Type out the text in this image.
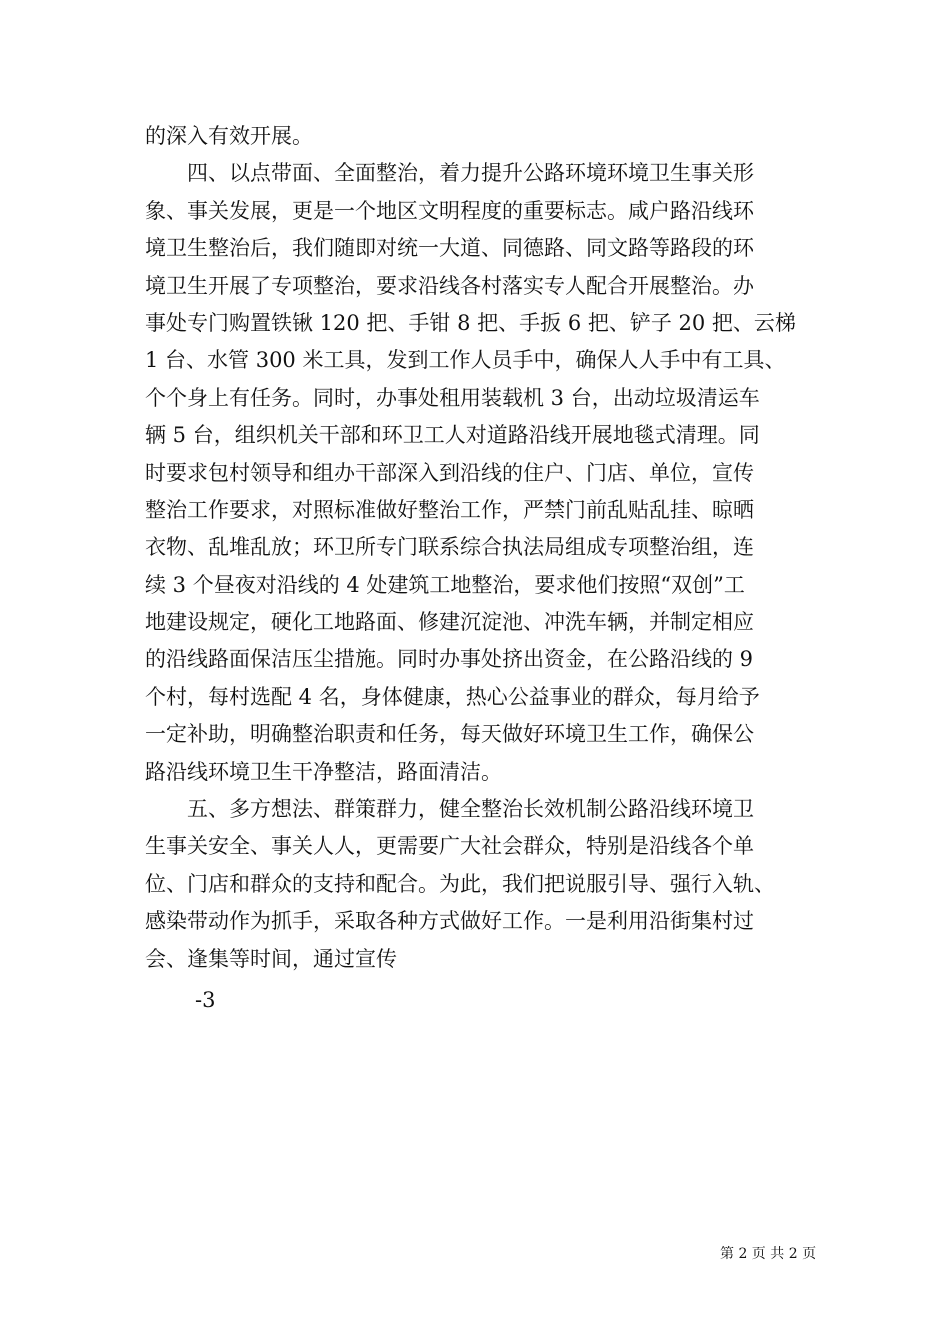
的深入有效开展。
四、以点带面、全面整治，着力提升公路环境环境卫生事关形
象、事关发展，更是一个地区文明程度的重要标志。咸户路沿线环
境卫生整治后，我们随即对统一大道、同德路、同文路等路段的环
境卫生开展了专项整治，要求沿线各村落实专人配合开展整治。办
事处专门购置铁锹 120 把、手钳 8 把、手扳 6 把、铲子 20 把、云梯
1 台、水管 300 米工具，发到工作人员手中，确保人人手中有工具、
个个身上有任务。同时，办事处租用装载机 3 台，出动垃圾清运车
辆 5 台，组织机关干部和环卫工人对道路沿线开展地毯式清理。同
时要求包村领导和组办干部深入到沿线的住户、门店、单位，宣传
整治工作要求，对照标准做好整治工作，严禁门前乱贴乱挂、晾晒
衣物、乱堆乱放；环卫所专门联系综合执法局组成专项整治组，连
续 3 个昼夜对沿线的 4 处建筑工地整治，要求他们按照“双创”工
地建设规定，硬化工地路面、修建沉淀池、冲洗车辆，并制定相应
的沿线路面保洁压尘措施。同时办事处挤出资金，在公路沿线的 9
个村，每村选配 4 名，身体健康，热心公益事业的群众，每月给予
一定补助，明确整治职责和任务，每天做好环境卫生工作，确保公
路沿线环境卫生干净整洁，路面清洁。
五、多方想法、群策群力，健全整治长效机制公路沿线环境卫
生事关安全、事关人人，更需要广大社会群众，特别是沿线各个单
位、门店和群众的支持和配合。为此，我们把说服引导、强行入轨、
感染带动作为抓手，采取各种方式做好工作。一是利用沿街集村过
会、逢集等时间，通过宣传
-3
第 2 页 共 2 页
